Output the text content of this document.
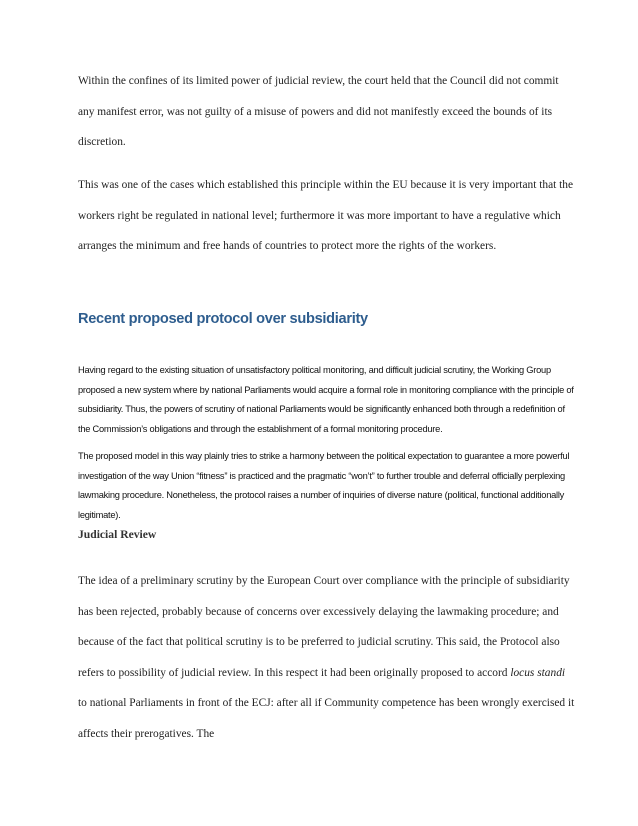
Within the confines of its limited power of judicial review, the court held that the Council did not commit any manifest error, was not guilty of a misuse of powers and did not manifestly exceed the bounds of its discretion.

This was one of the cases which established this principle within the EU because it is very important that the workers right be regulated in national level; furthermore it was more important to have a regulative which arranges the minimum and free hands of countries to protect more the rights of the workers.

Recent proposed protocol over subsidiarity

Having regard to the existing situation of unsatisfactory political monitoring, and difficult judicial scrutiny, the Working Group proposed a new system where by national Parliaments would acquire a formal role in monitoring compliance with the principle of subsidiarity. Thus, the powers of scrutiny of national Parliaments would be significantly enhanced both through a redefinition of the Commission’s obligations and through the establishment of a formal monitoring procedure.

The proposed model in this way plainly tries to strike a harmony between the political expectation to guarantee a more powerful investigation of the way Union “fitness” is practiced and the pragmatic “won’t” to further trouble and deferral officially perplexing lawmaking procedure. Nonetheless, the protocol raises a number of inquiries of diverse nature (political, functional additionally legitimate).

Judicial Review

The idea of a preliminary scrutiny by the European Court over compliance with the principle of subsidiarity has been rejected, probably because of concerns over excessively delaying the lawmaking procedure; and because of the fact that political scrutiny is to be preferred to judicial scrutiny. This said, the Protocol also refers to possibility of judicial review. In this respect it had been originally proposed to accord locus standi to national Parliaments in front of the ECJ: after all if Community competence has been wrongly exercised it affects their prerogatives. The
